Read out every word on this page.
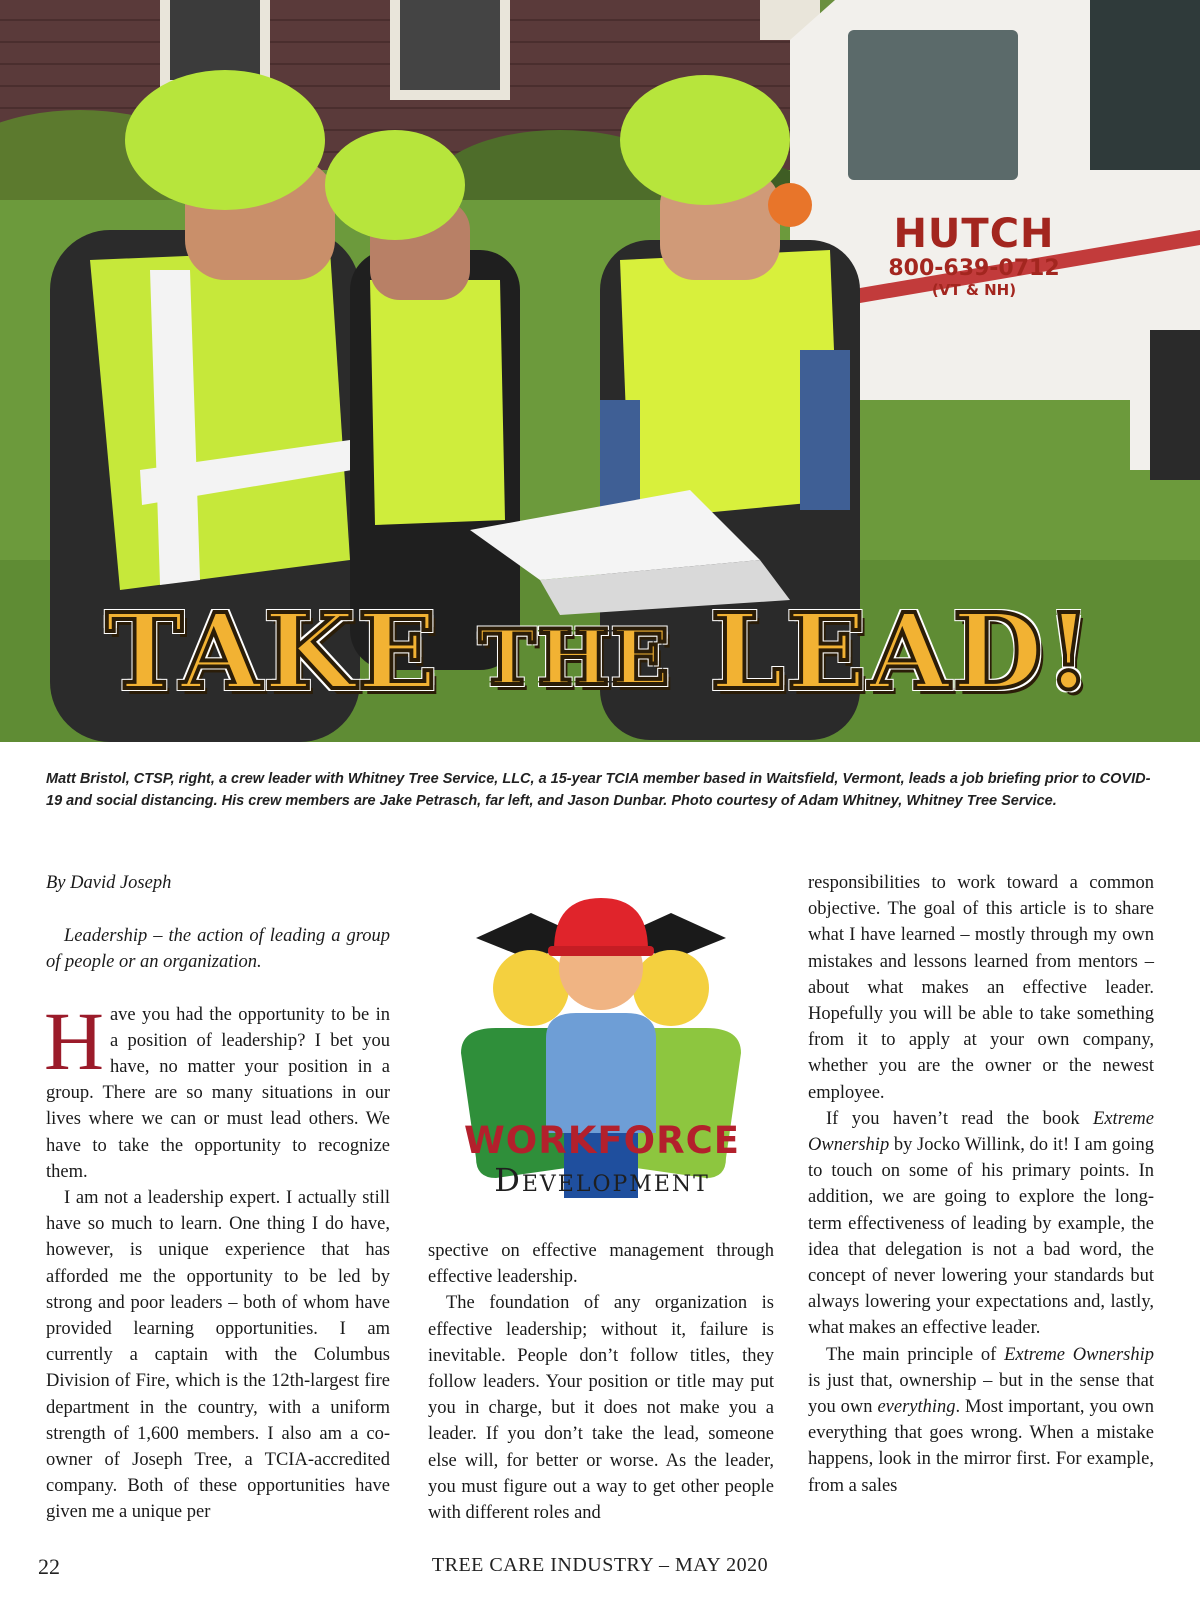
HUTCH
800-639-0712
(VT & NH)
TAKE THE LEAD!

Matt Bristol, CTSP, right, a crew leader with Whitney Tree Service, LLC, a 15-year TCIA member based in Waitsfield, Vermont, leads a job briefing prior to COVID-19 and social distancing. His crew members are Jake Petrasch, far left, and Jason Dunbar. Photo courtesy of Adam Whitney, Whitney Tree Service.

By David Joseph

Leadership – the action of leading a group of people or an organization.

Have you had the opportunity to be in a position of leadership? I bet you have, no matter your position in a group. There are so many situations in our lives where we can or must lead others. We have to take the opportunity to recognize them.

I am not a leadership expert. I actually still have so much to learn. One thing I do have, however, is unique experience that has afforded me the opportunity to be led by strong and poor leaders – both of whom have provided learning opportunities. I am currently a captain with the Columbus Division of Fire, which is the 12th-largest fire department in the country, with a uniform strength of 1,600 members. I also am a co-owner of Joseph Tree, a TCIA-accredited company. Both of these opportunities have given me a unique per

WORKFORCE
Development

spective on effective management through effective leadership.

The foundation of any organization is effective leadership; without it, failure is inevitable. People don’t follow titles, they follow leaders. Your position or title may put you in charge, but it does not make you a leader. If you don’t take the lead, someone else will, for better or worse. As the leader, you must figure out a way to get other people with different roles and

responsibilities to work toward a common objective. The goal of this article is to share what I have learned – mostly through my own mistakes and lessons learned from mentors – about what makes an effective leader. Hopefully you will be able to take something from it to apply at your own company, whether you are the owner or the newest employee.

If you haven’t read the book Extreme Ownership by Jocko Willink, do it! I am going to touch on some of his primary points. In addition, we are going to explore the long-term effectiveness of leading by example, the idea that delegation is not a bad word, the concept of never lowering your standards but always lowering your expectations and, lastly, what makes an effective leader.

The main principle of Extreme Ownership is just that, ownership – but in the sense that you own everything. Most important, you own everything that goes wrong. When a mistake happens, look in the mirror first. For example, from a sales

22	TREE CARE INDUSTRY – MAY 2020
